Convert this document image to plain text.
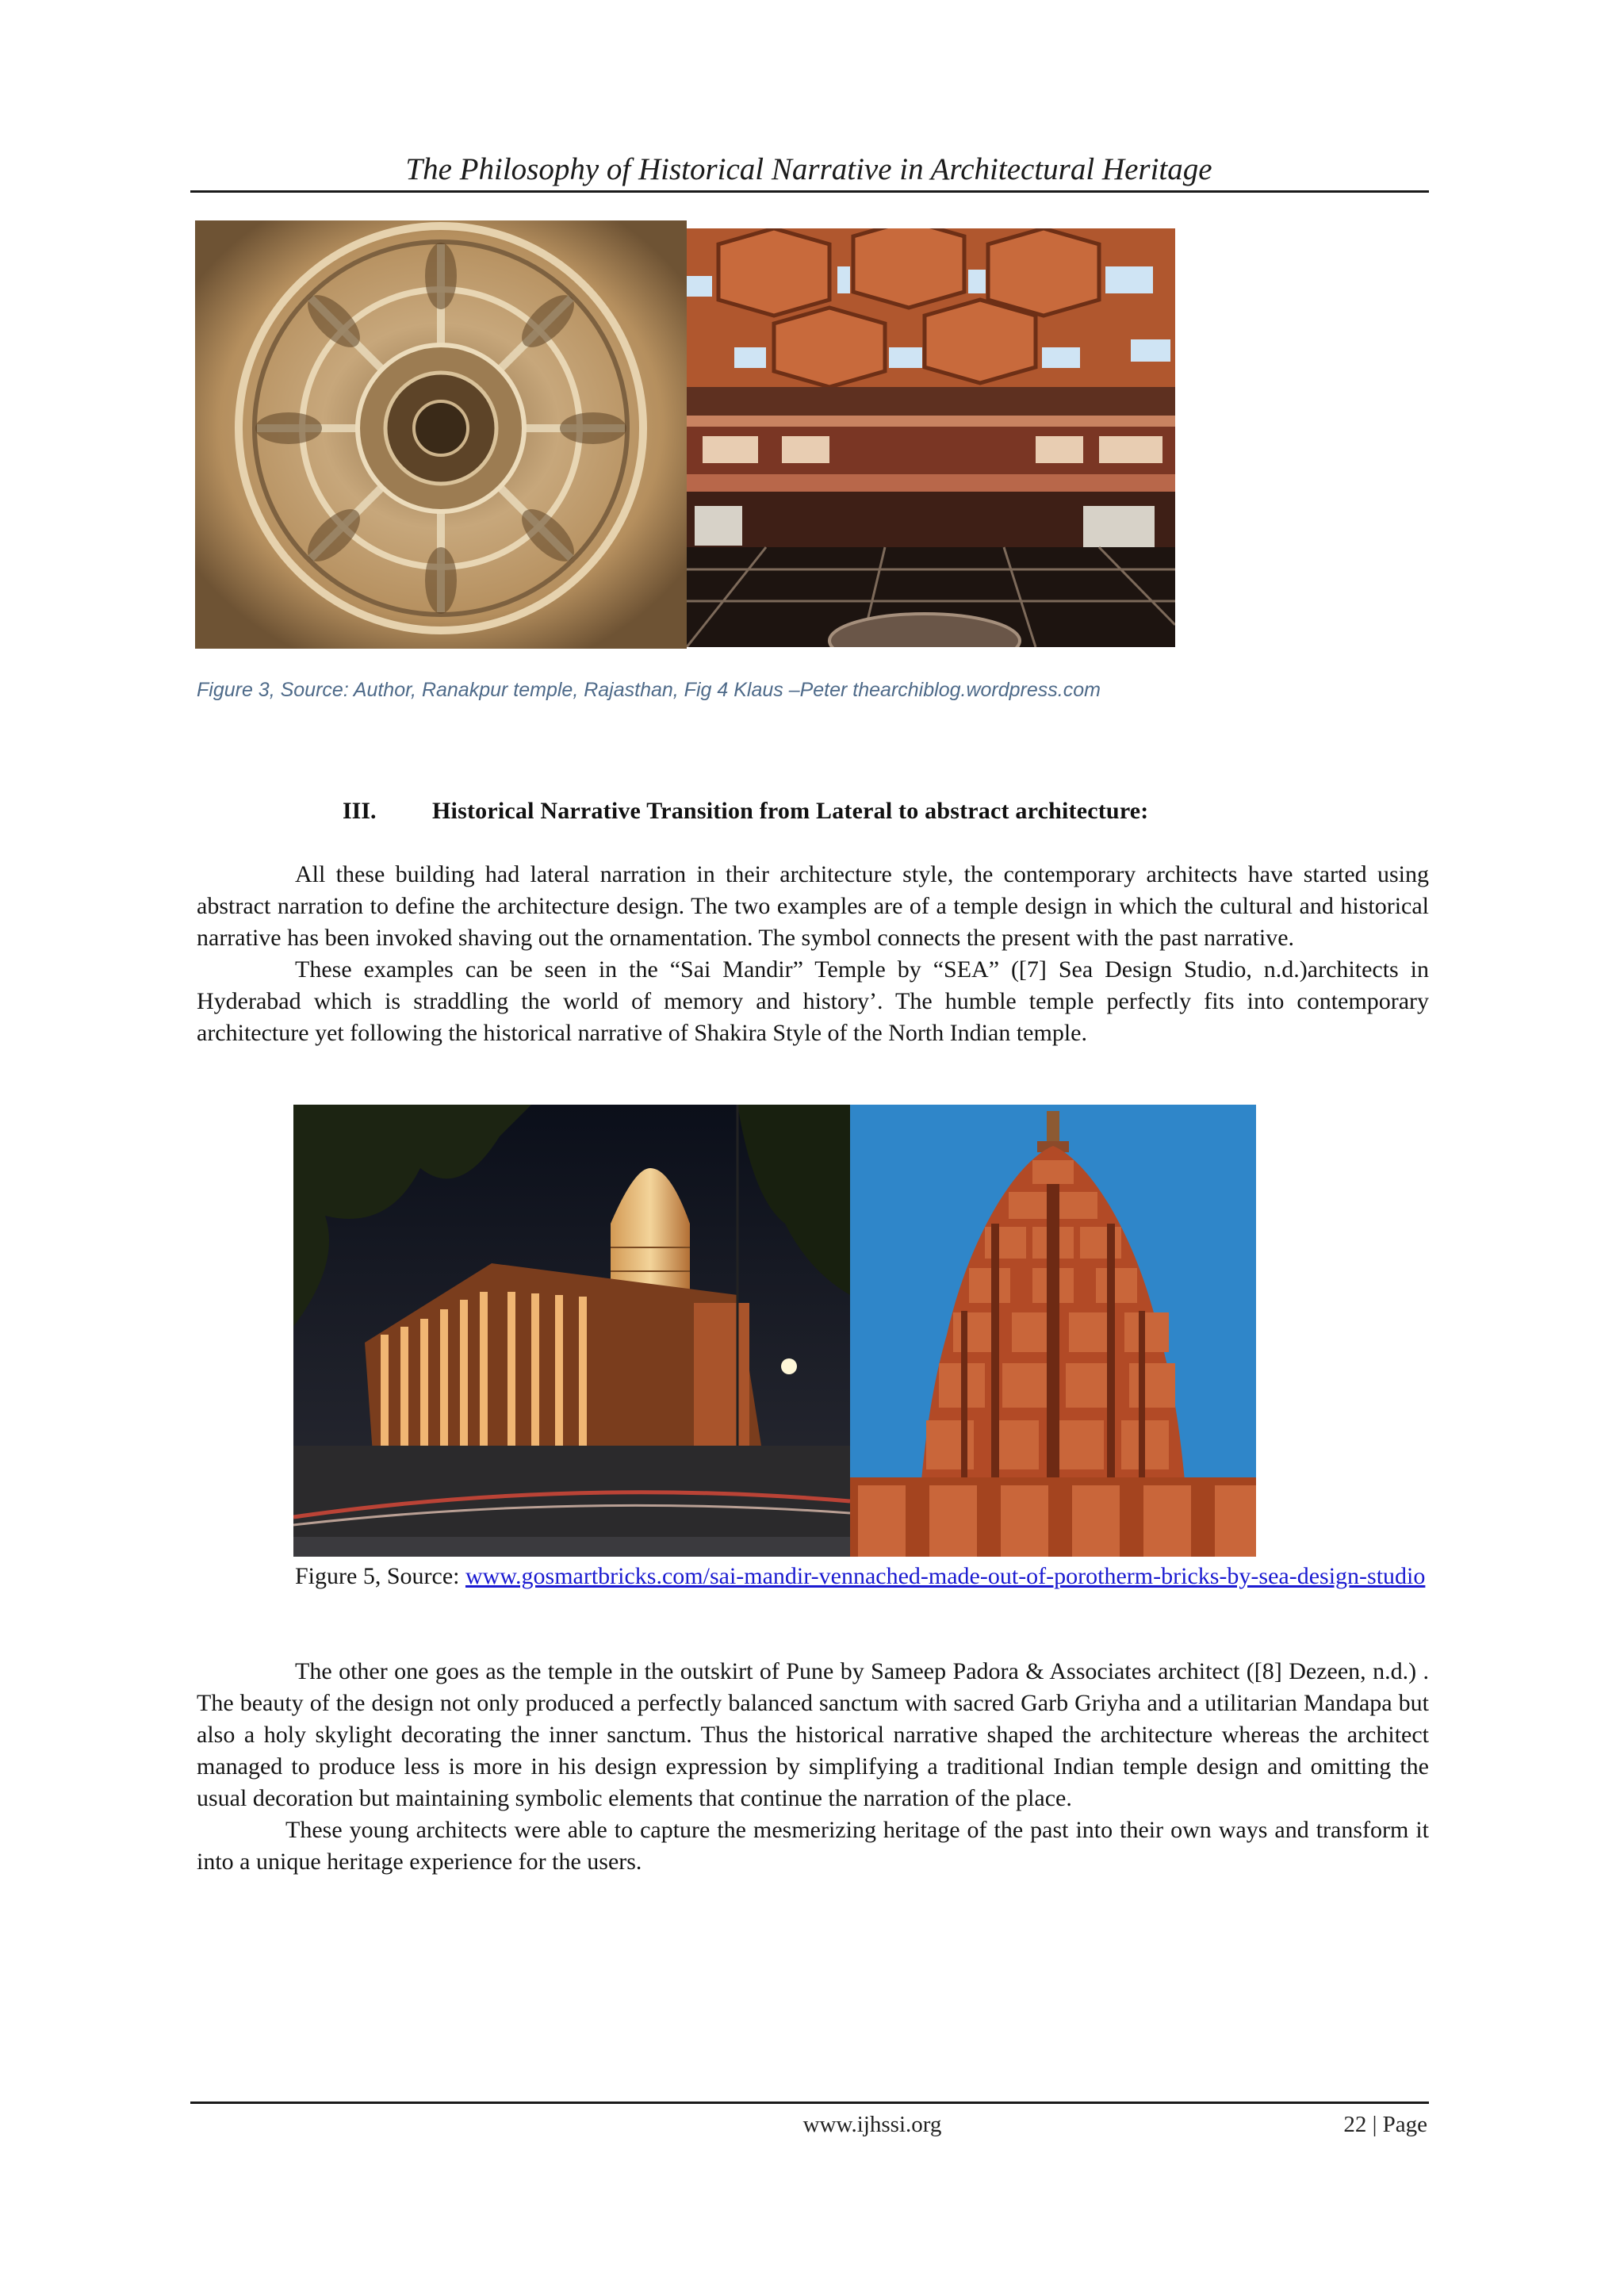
The Philosophy of Historical Narrative in Architectural Heritage
Figure 3, Source: Author, Ranakpur temple, Rajasthan, Fig 4 Klaus –Peter thearchiblog.wordpress.com
III.	Historical Narrative Transition from Lateral to abstract architecture:

All these building had lateral narration in their architecture style, the contemporary architects have started using abstract narration to define the architecture design. The two examples are of a temple design in which the cultural and historical narrative has been invoked shaving out the ornamentation. The symbol connects the present with the past narrative.

These examples can be seen in the “Sai Mandir” Temple by “SEA” ([7] Sea Design Studio, n.d.)architects in Hyderabad which is straddling the world of memory and history’. The humble temple perfectly fits into contemporary architecture yet following the historical narrative of Shakira Style of the North Indian temple.

Figure 5, Source: www.gosmartbricks.com/sai-mandir-vennached-made-out-of-porotherm-bricks-by-sea-design-studio

The other one goes as the temple in the outskirt of Pune by Sameep Padora & Associates architect ([8] Dezeen, n.d.) . The beauty of the design not only produced a perfectly balanced sanctum with sacred Garb Griyha and a utilitarian Mandapa but also a holy skylight decorating the inner sanctum. Thus the historical narrative shaped the architecture whereas the architect managed to produce less is more in his design expression by simplifying a traditional Indian temple design and omitting the usual decoration but maintaining symbolic elements that continue the narration of the place.

These young architects were able to capture the mesmerizing heritage of the past into their own ways and transform it into a unique heritage experience for the users.

www.ijhssi.org	22 | Page
